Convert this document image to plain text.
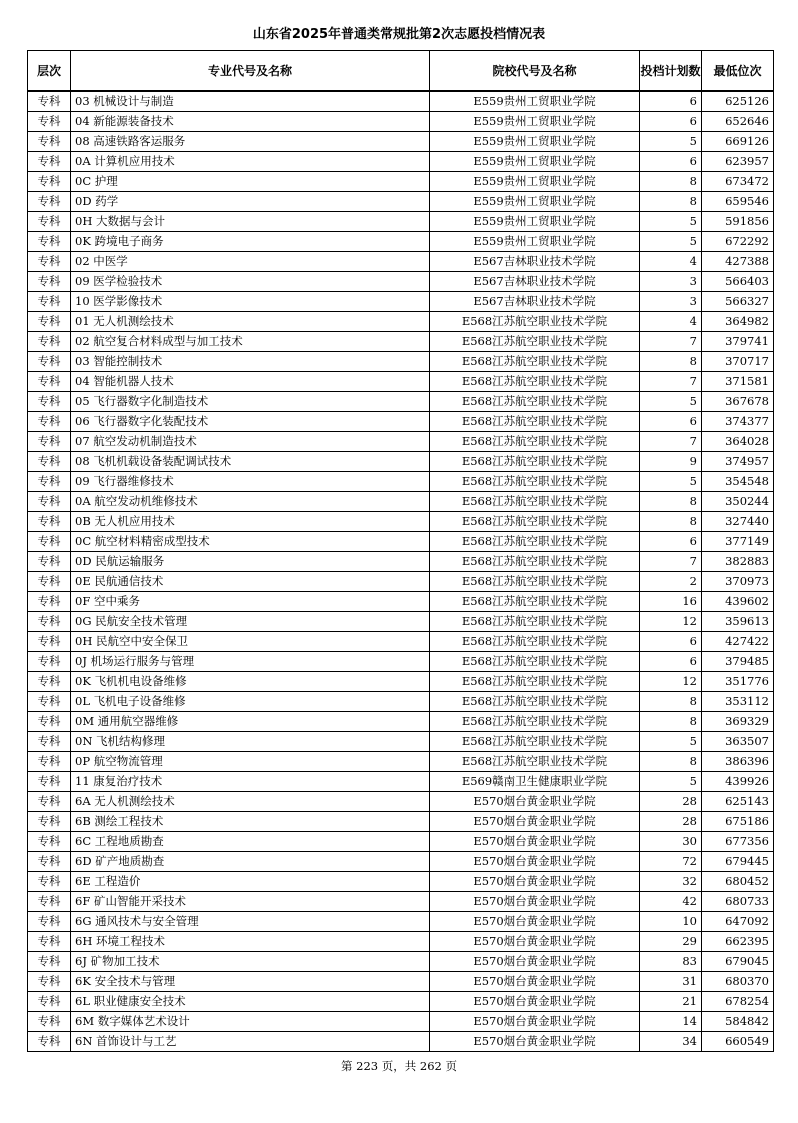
山东省2025年普通类常规批第2次志愿投档情况表
层次	专业代号及名称	院校代号及名称	投档计划数	最低位次
专科	03 机械设计与制造	E559贵州工贸职业学院	6	625126
专科	04 新能源装备技术	E559贵州工贸职业学院	6	652646
专科	08 高速铁路客运服务	E559贵州工贸职业学院	5	669126
专科	0A 计算机应用技术	E559贵州工贸职业学院	6	623957
专科	0C 护理	E559贵州工贸职业学院	8	673472
专科	0D 药学	E559贵州工贸职业学院	8	659546
专科	0H 大数据与会计	E559贵州工贸职业学院	5	591856
专科	0K 跨境电子商务	E559贵州工贸职业学院	5	672292
专科	02 中医学	E567吉林职业技术学院	4	427388
专科	09 医学检验技术	E567吉林职业技术学院	3	566403
专科	10 医学影像技术	E567吉林职业技术学院	3	566327
专科	01 无人机测绘技术	E568江苏航空职业技术学院	4	364982
专科	02 航空复合材料成型与加工技术	E568江苏航空职业技术学院	7	379741
专科	03 智能控制技术	E568江苏航空职业技术学院	8	370717
专科	04 智能机器人技术	E568江苏航空职业技术学院	7	371581
专科	05 飞行器数字化制造技术	E568江苏航空职业技术学院	5	367678
专科	06 飞行器数字化装配技术	E568江苏航空职业技术学院	6	374377
专科	07 航空发动机制造技术	E568江苏航空职业技术学院	7	364028
专科	08 飞机机载设备装配调试技术	E568江苏航空职业技术学院	9	374957
专科	09 飞行器维修技术	E568江苏航空职业技术学院	5	354548
专科	0A 航空发动机维修技术	E568江苏航空职业技术学院	8	350244
专科	0B 无人机应用技术	E568江苏航空职业技术学院	8	327440
专科	0C 航空材料精密成型技术	E568江苏航空职业技术学院	6	377149
专科	0D 民航运输服务	E568江苏航空职业技术学院	7	382883
专科	0E 民航通信技术	E568江苏航空职业技术学院	2	370973
专科	0F 空中乘务	E568江苏航空职业技术学院	16	439602
专科	0G 民航安全技术管理	E568江苏航空职业技术学院	12	359613
专科	0H 民航空中安全保卫	E568江苏航空职业技术学院	6	427422
专科	0J 机场运行服务与管理	E568江苏航空职业技术学院	6	379485
专科	0K 飞机机电设备维修	E568江苏航空职业技术学院	12	351776
专科	0L 飞机电子设备维修	E568江苏航空职业技术学院	8	353112
专科	0M 通用航空器维修	E568江苏航空职业技术学院	8	369329
专科	0N 飞机结构修理	E568江苏航空职业技术学院	5	363507
专科	0P 航空物流管理	E568江苏航空职业技术学院	8	386396
专科	11 康复治疗技术	E569赣南卫生健康职业学院	5	439926
专科	6A 无人机测绘技术	E570烟台黄金职业学院	28	625143
专科	6B 测绘工程技术	E570烟台黄金职业学院	28	675186
专科	6C 工程地质勘查	E570烟台黄金职业学院	30	677356
专科	6D 矿产地质勘查	E570烟台黄金职业学院	72	679445
专科	6E 工程造价	E570烟台黄金职业学院	32	680452
专科	6F 矿山智能开采技术	E570烟台黄金职业学院	42	680733
专科	6G 通风技术与安全管理	E570烟台黄金职业学院	10	647092
专科	6H 环境工程技术	E570烟台黄金职业学院	29	662395
专科	6J 矿物加工技术	E570烟台黄金职业学院	83	679045
专科	6K 安全技术与管理	E570烟台黄金职业学院	31	680370
专科	6L 职业健康安全技术	E570烟台黄金职业学院	21	678254
专科	6M 数字媒体艺术设计	E570烟台黄金职业学院	14	584842
专科	6N 首饰设计与工艺	E570烟台黄金职业学院	34	660549
第 223 页，共 262 页
